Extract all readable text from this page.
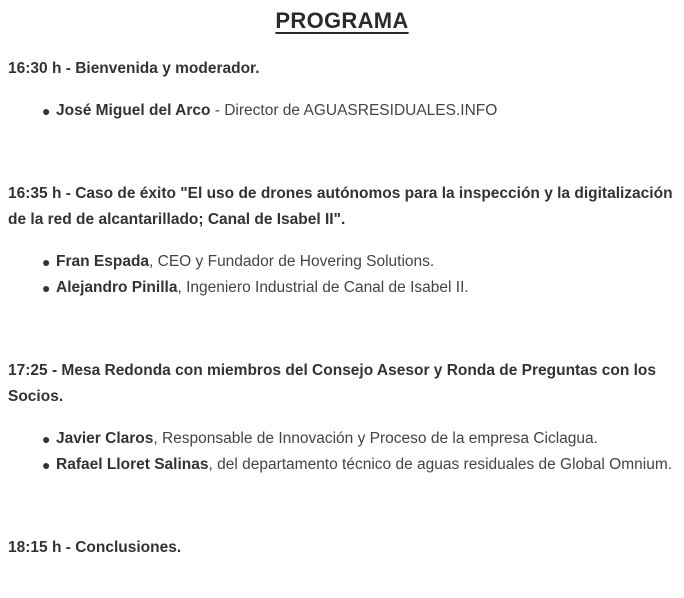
PROGRAMA

16:30 h - Bienvenida y moderador.

● José Miguel del Arco - Director de AGUASRESIDUALES.INFO

16:35 h - Caso de éxito "El uso de drones autónomos para la inspección y la digitalización de la red de alcantarillado; Canal de Isabel II".

● Fran Espada, CEO y Fundador de Hovering Solutions.
● Alejandro Pinilla, Ingeniero Industrial de Canal de Isabel II.

17:25 - Mesa Redonda con miembros del Consejo Asesor y Ronda de Preguntas con los Socios.

● Javier Claros, Responsable de Innovación y Proceso de la empresa Ciclagua.
● Rafael Lloret Salinas, del departamento técnico de aguas residuales de Global Omnium.

18:15 h - Conclusiones.
